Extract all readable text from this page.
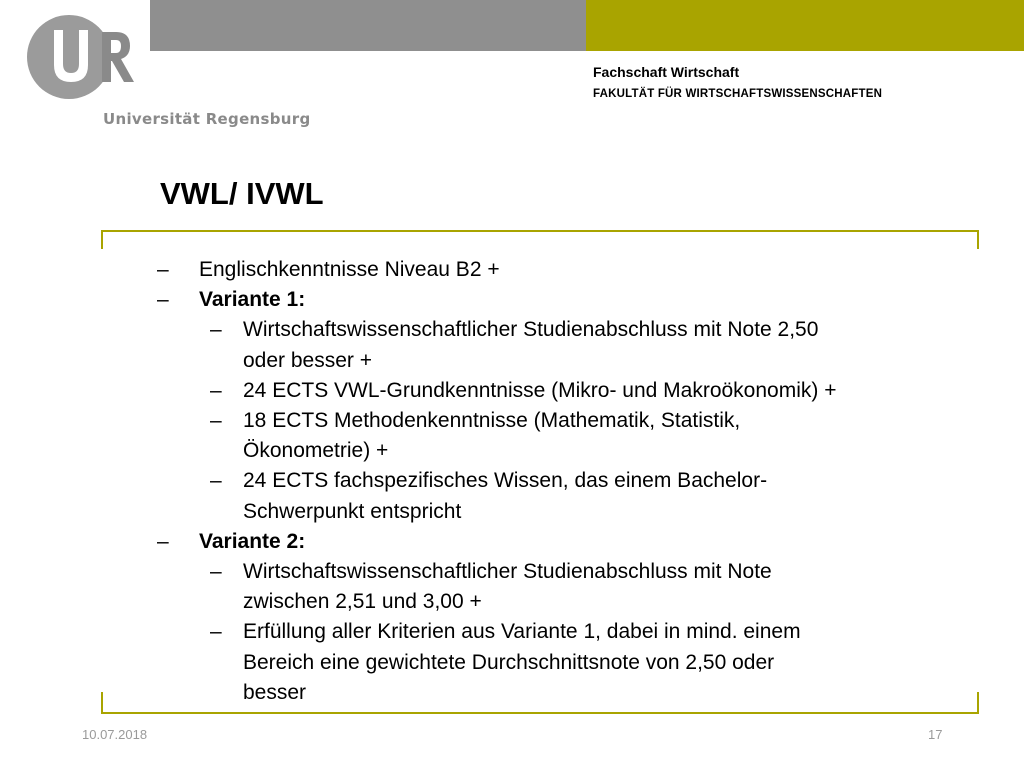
Universität Regensburg
Fachschaft Wirtschaft
FAKULTÄT FÜR WIRTSCHAFTSWISSENSCHAFTEN
VWL/ IVWL
– Englischkenntnisse Niveau B2 +
– Variante 1:
– Wirtschaftswissenschaftlicher Studienabschluss mit Note 2,50
oder besser +
– 24 ECTS VWL-Grundkenntnisse (Mikro- und Makroökonomik) +
– 18 ECTS Methodenkenntnisse (Mathematik, Statistik,
Ökonometrie) +
– 24 ECTS fachspezifisches Wissen, das einem Bachelor-
Schwerpunkt entspricht
– Variante 2:
– Wirtschaftswissenschaftlicher Studienabschluss mit Note
zwischen 2,51 und 3,00 +
– Erfüllung aller Kriterien aus Variante 1, dabei in mind. einem
Bereich eine gewichtete Durchschnittsnote von 2,50 oder
besser
10.07.2018	17
